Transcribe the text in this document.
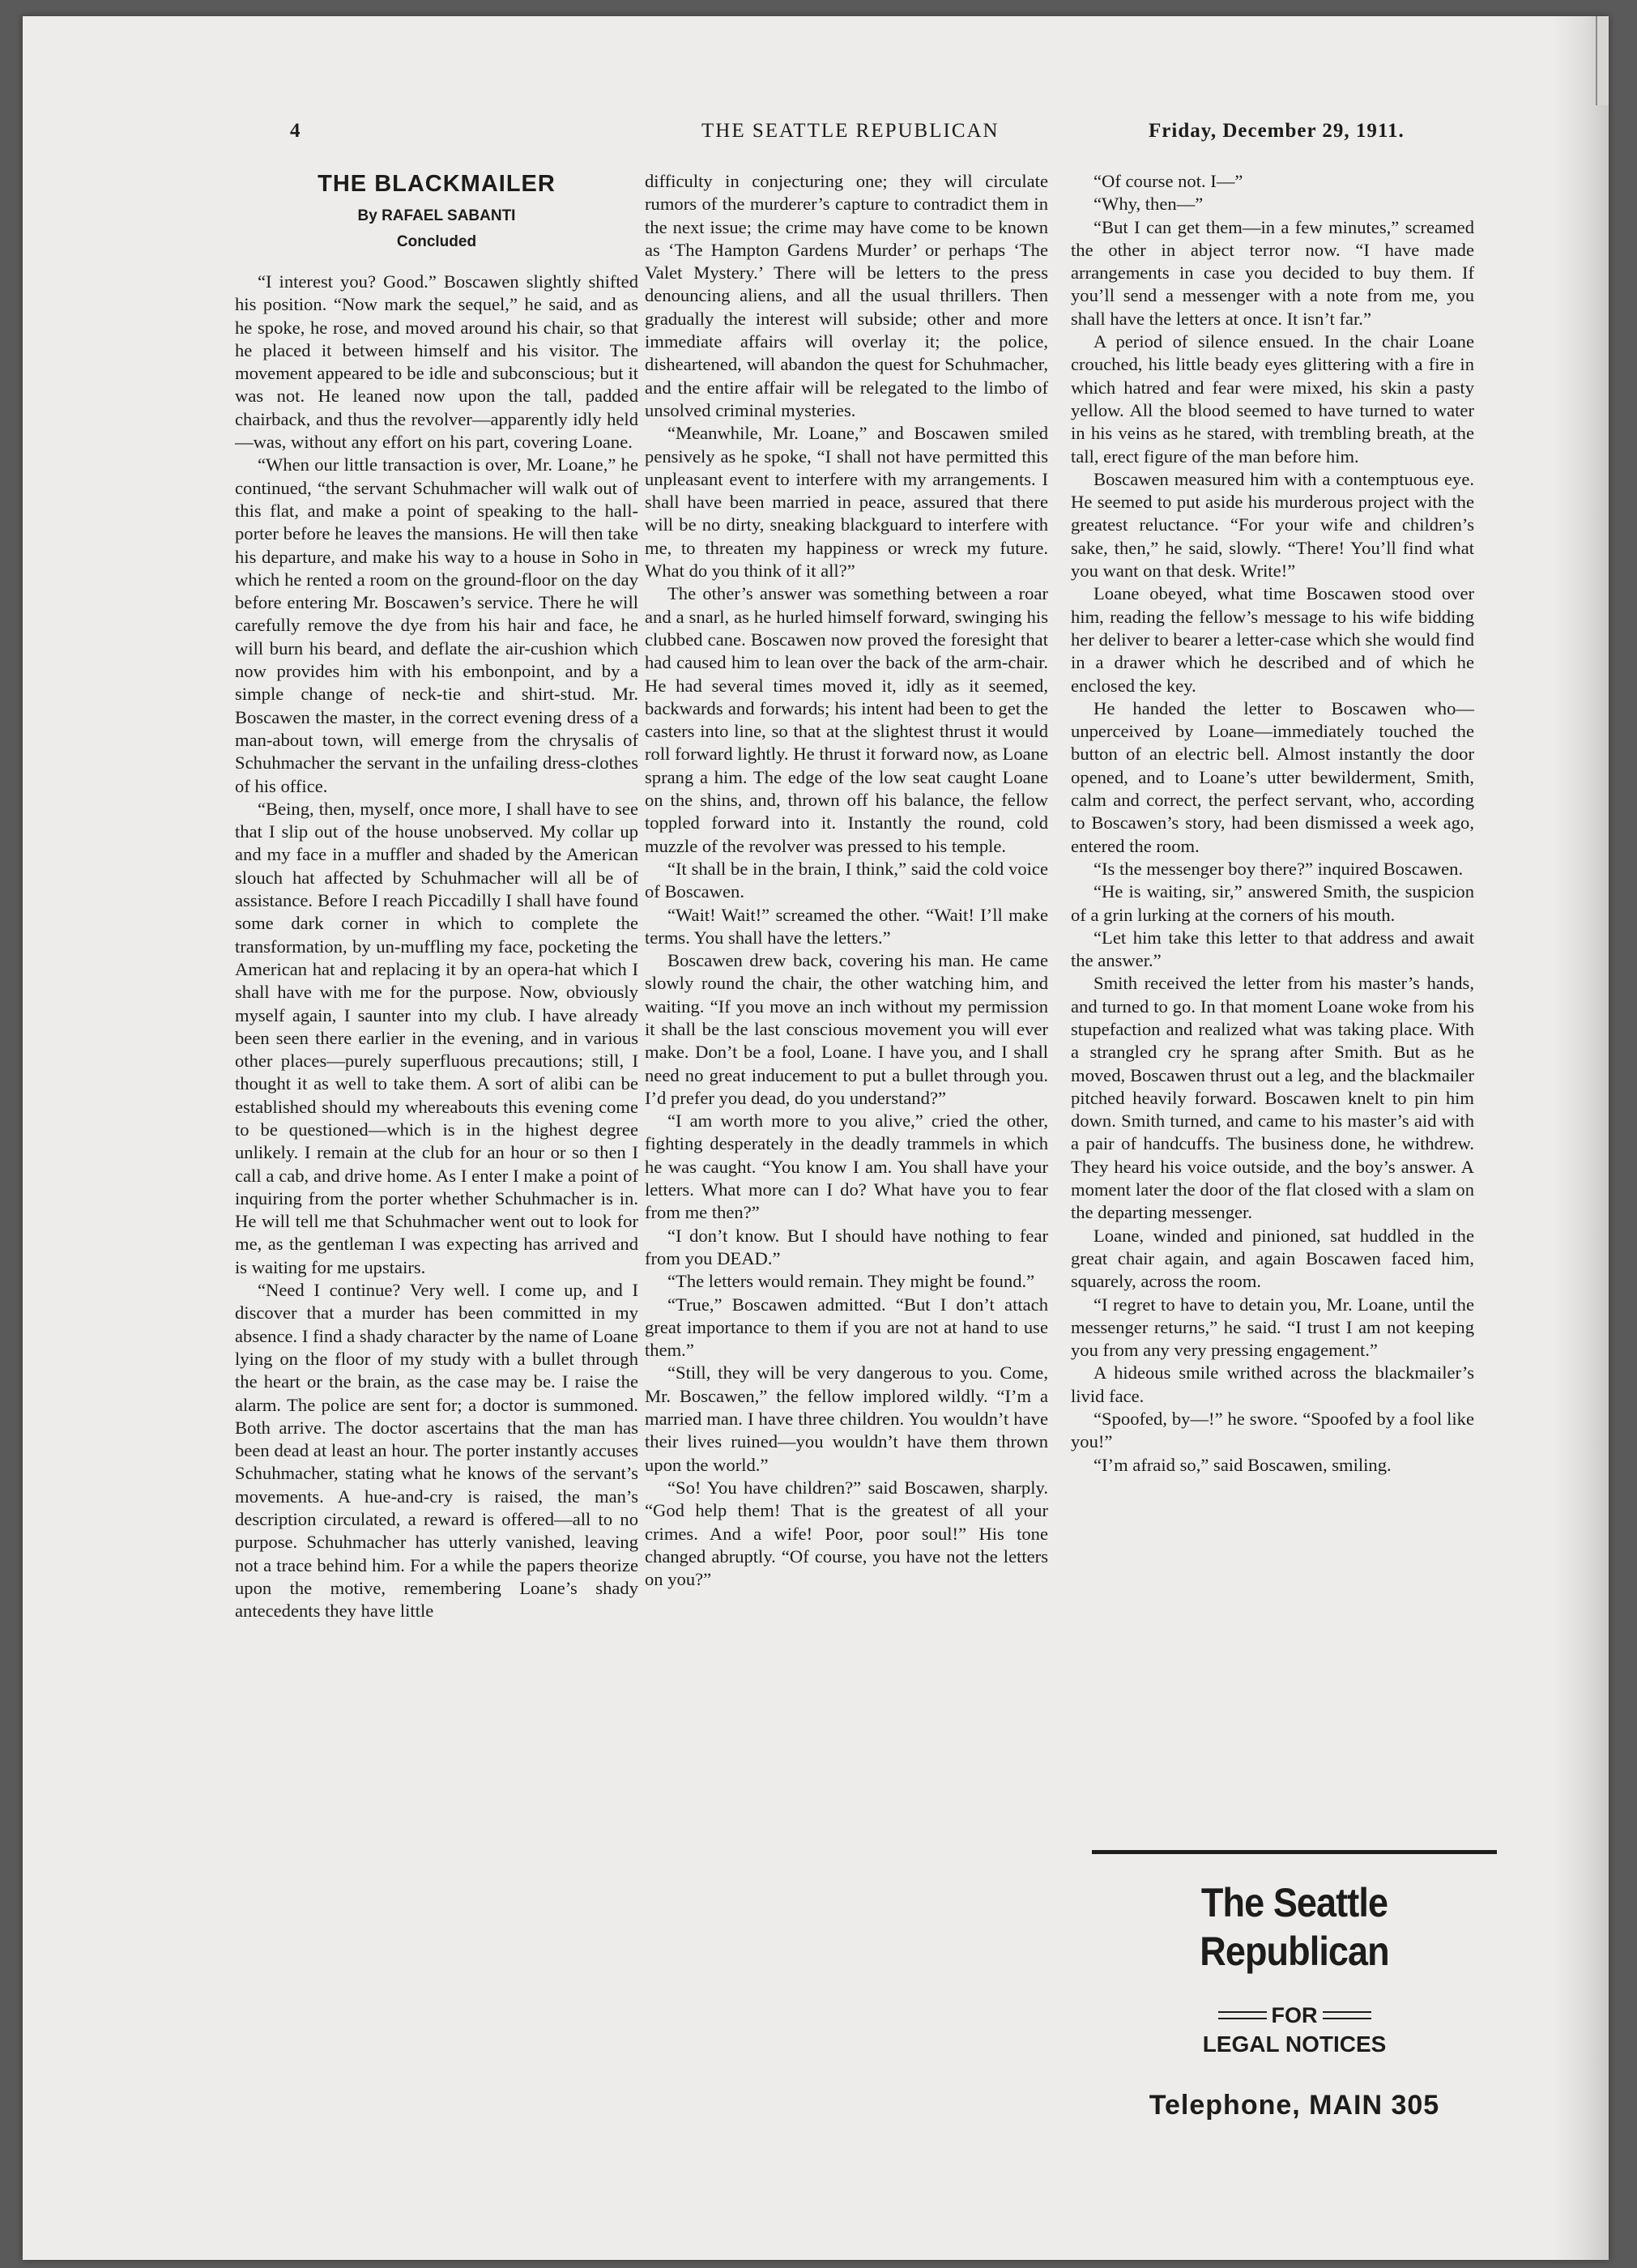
4	THE SEATTLE REPUBLICAN	Friday, December 29, 1911.
THE BLACKMAILER
By RAFAEL SABANTI
Concluded

“I interest you? Good.” Boscawen slightly shifted his position. “Now mark the sequel,” he said, and as he spoke, he rose, and moved around his chair, so that he placed it between himself and his visitor. The movement appeared to be idle and subconscious; but it was not. He leaned now upon the tall, padded chairback, and thus the revolver—apparently idly held—was, without any effort on his part, covering Loane.

“When our little transaction is over, Mr. Loane,” he continued, “the servant Schuhmacher will walk out of this flat, and make a point of speaking to the hall-porter before he leaves the mansions. He will then take his departure, and make his way to a house in Soho in which he rented a room on the ground-floor on the day before entering Mr. Boscawen’s service. There he will carefully remove the dye from his hair and face, he will burn his beard, and deflate the air-cushion which now provides him with his embonpoint, and by a simple change of neck-tie and shirt-stud. Mr. Boscawen the master, in the correct evening dress of a man-about town, will emerge from the chrysalis of Schuhmacher the servant in the unfailing dress-clothes of his office.

“Being, then, myself, once more, I shall have to see that I slip out of the house unobserved. My collar up and my face in a muffler and shaded by the American slouch hat affected by Schuhmacher will all be of assistance. Before I reach Piccadilly I shall have found some dark corner in which to complete the transformation, by un-muffling my face, pocketing the American hat and replacing it by an opera-hat which I shall have with me for the purpose. Now, obviously myself again, I saunter into my club. I have already been seen there earlier in the evening, and in various other places—purely superfluous precautions; still, I thought it as well to take them. A sort of alibi can be established should my whereabouts this evening come to be questioned—which is in the highest degree unlikely. I remain at the club for an hour or so then I call a cab, and drive home. As I enter I make a point of inquiring from the porter whether Schuhmacher is in. He will tell me that Schuhmacher went out to look for me, as the gentleman I was expecting has arrived and is waiting for me upstairs.

“Need I continue? Very well. I come up, and I discover that a murder has been committed in my absence. I find a shady character by the name of Loane lying on the floor of my study with a bullet through the heart or the brain, as the case may be. I raise the alarm. The police are sent for; a doctor is summoned. Both arrive. The doctor ascertains that the man has been dead at least an hour. The porter instantly accuses Schuhmacher, stating what he knows of the servant’s movements. A hue-and-cry is raised, the man’s description circulated, a reward is offered—all to no purpose. Schuhmacher has utterly vanished, leaving not a trace behind him. For a while the papers theorize upon the motive, remembering Loane’s shady antecedents they have little

difficulty in conjecturing one; they will circulate rumors of the murderer’s capture to contradict them in the next issue; the crime may have come to be known as ‘The Hampton Gardens Murder’ or perhaps ‘The Valet Mystery.’ There will be letters to the press denouncing aliens, and all the usual thrillers. Then gradually the interest will subside; other and more immediate affairs will overlay it; the police, disheartened, will abandon the quest for Schuhmacher, and the entire affair will be relegated to the limbo of unsolved criminal mysteries.

“Meanwhile, Mr. Loane,” and Boscawen smiled pensively as he spoke, “I shall not have permitted this unpleasant event to interfere with my arrangements. I shall have been married in peace, assured that there will be no dirty, sneaking blackguard to interfere with me, to threaten my happiness or wreck my future. What do you think of it all?”

The other’s answer was something between a roar and a snarl, as he hurled himself forward, swinging his clubbed cane. Boscawen now proved the foresight that had caused him to lean over the back of the arm-chair. He had several times moved it, idly as it seemed, backwards and forwards; his intent had been to get the casters into line, so that at the slightest thrust it would roll forward lightly. He thrust it forward now, as Loane sprang a him. The edge of the low seat caught Loane on the shins, and, thrown off his balance, the fellow toppled forward into it. Instantly the round, cold muzzle of the revolver was pressed to his temple.

“It shall be in the brain, I think,” said the cold voice of Boscawen.

“Wait! Wait!” screamed the other. “Wait! I’ll make terms. You shall have the letters.”

Boscawen drew back, covering his man. He came slowly round the chair, the other watching him, and waiting. “If you move an inch without my permission it shall be the last conscious movement you will ever make. Don’t be a fool, Loane. I have you, and I shall need no great inducement to put a bullet through you. I’d prefer you dead, do you understand?”

“I am worth more to you alive,” cried the other, fighting desperately in the deadly trammels in which he was caught. “You know I am. You shall have your letters. What more can I do? What have you to fear from me then?”

“I don’t know. But I should have nothing to fear from you DEAD.”

“The letters would remain. They might be found.”

“True,” Boscawen admitted. “But I don’t attach great importance to them if you are not at hand to use them.”

“Still, they will be very dangerous to you. Come, Mr. Boscawen,” the fellow implored wildly. “I’m a married man. I have three children. You wouldn’t have their lives ruined—you wouldn’t have them thrown upon the world.”

“So! You have children?” said Boscawen, sharply. “God help them! That is the greatest of all your crimes. And a wife! Poor, poor soul!” His tone changed abruptly. “Of course, you have not the letters on you?”

“Of course not. I—”

“Why, then—”

“But I can get them—in a few minutes,” screamed the other in abject terror now. “I have made arrangements in case you decided to buy them. If you’ll send a messenger with a note from me, you shall have the letters at once. It isn’t far.”

A period of silence ensued. In the chair Loane crouched, his little beady eyes glittering with a fire in which hatred and fear were mixed, his skin a pasty yellow. All the blood seemed to have turned to water in his veins as he stared, with trembling breath, at the tall, erect figure of the man before him.

Boscawen measured him with a contemptuous eye. He seemed to put aside his murderous project with the greatest reluctance. “For your wife and children’s sake, then,” he said, slowly. “There! You’ll find what you want on that desk. Write!”

Loane obeyed, what time Boscawen stood over him, reading the fellow’s message to his wife bidding her deliver to bearer a letter-case which she would find in a drawer which he described and of which he enclosed the key.

He handed the letter to Boscawen who—unperceived by Loane—immediately touched the button of an electric bell. Almost instantly the door opened, and to Loane’s utter bewilderment, Smith, calm and correct, the perfect servant, who, according to Boscawen’s story, had been dismissed a week ago, entered the room.

“Is the messenger boy there?” inquired Boscawen.

“He is waiting, sir,” answered Smith, the suspicion of a grin lurking at the corners of his mouth.

“Let him take this letter to that address and await the answer.”

Smith received the letter from his master’s hands, and turned to go. In that moment Loane woke from his stupefaction and realized what was taking place. With a strangled cry he sprang after Smith. But as he moved, Boscawen thrust out a leg, and the blackmailer pitched heavily forward. Boscawen knelt to pin him down. Smith turned, and came to his master’s aid with a pair of handcuffs. The business done, he withdrew. They heard his voice outside, and the boy’s answer. A moment later the door of the flat closed with a slam on the departing messenger.

Loane, winded and pinioned, sat huddled in the great chair again, and again Boscawen faced him, squarely, across the room.

“I regret to have to detain you, Mr. Loane, until the messenger returns,” he said. “I trust I am not keeping you from any very pressing engagement.”

A hideous smile writhed across the blackmailer’s livid face.

“Spoofed, by—!” he swore. “Spoofed by a fool like you!”

“I’m afraid so,” said Boscawen, smiling.

The Seattle Republican
FOR
LEGAL NOTICES
Telephone, MAIN 305
